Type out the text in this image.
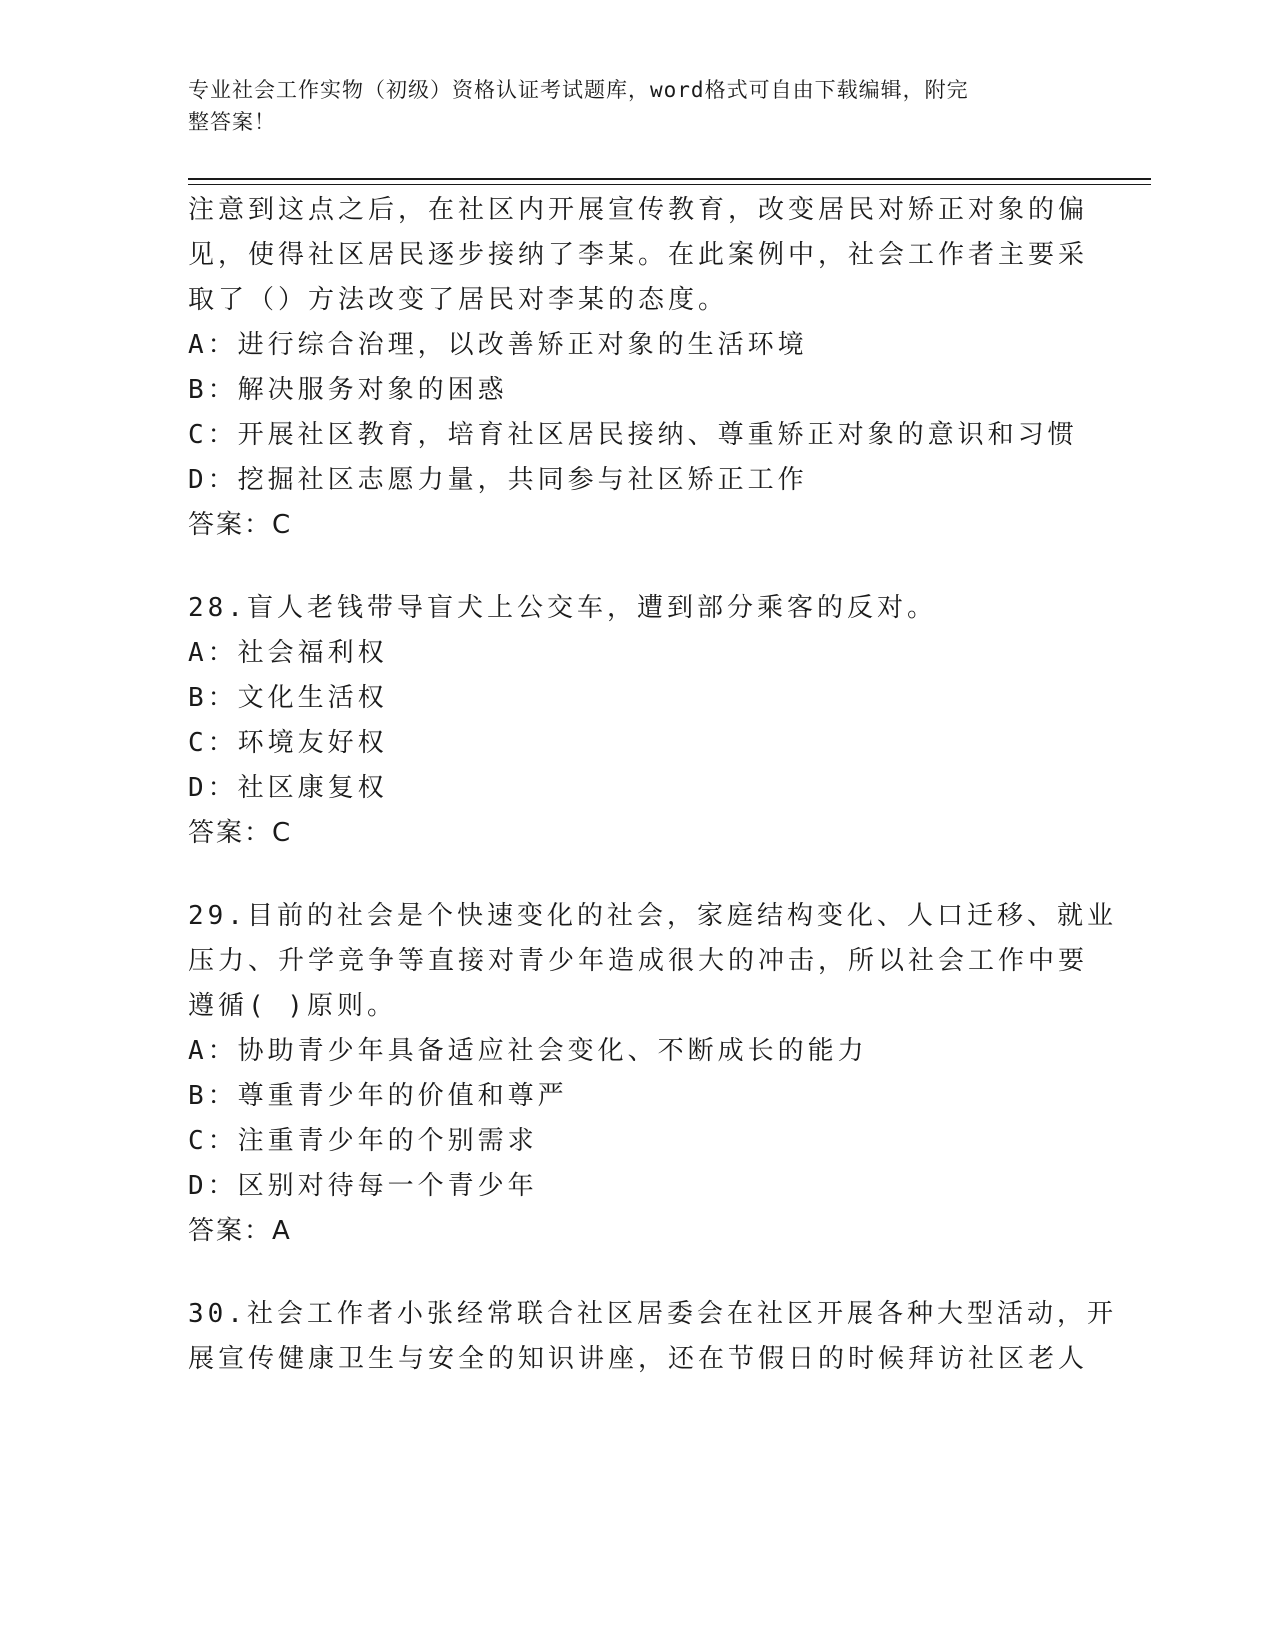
专业社会工作实物（初级）资格认证考试题库，word格式可自由下载编辑，附完
整答案！
注意到这点之后，在社区内开展宣传教育，改变居民对矫正对象的偏
见，使得社区居民逐步接纳了李某。在此案例中，社会工作者主要采
取了（）方法改变了居民对李某的态度。
A：进行综合治理，以改善矫正对象的生活环境
B：解决服务对象的困惑
C：开展社区教育，培育社区居民接纳、尊重矫正对象的意识和习惯
D：挖掘社区志愿力量，共同参与社区矫正工作
答案：C
28.盲人老钱带导盲犬上公交车，遭到部分乘客的反对。
A：社会福利权
B：文化生活权
C：环境友好权
D：社区康复权
答案：C
29.目前的社会是个快速变化的社会，家庭结构变化、人口迁移、就业
压力、升学竞争等直接对青少年造成很大的冲击，所以社会工作中要
遵循( )原则。
A：协助青少年具备适应社会变化、不断成长的能力
B：尊重青少年的价值和尊严
C：注重青少年的个别需求
D：区别对待每一个青少年
答案：A
30.社会工作者小张经常联合社区居委会在社区开展各种大型活动，开
展宣传健康卫生与安全的知识讲座，还在节假日的时候拜访社区老人
